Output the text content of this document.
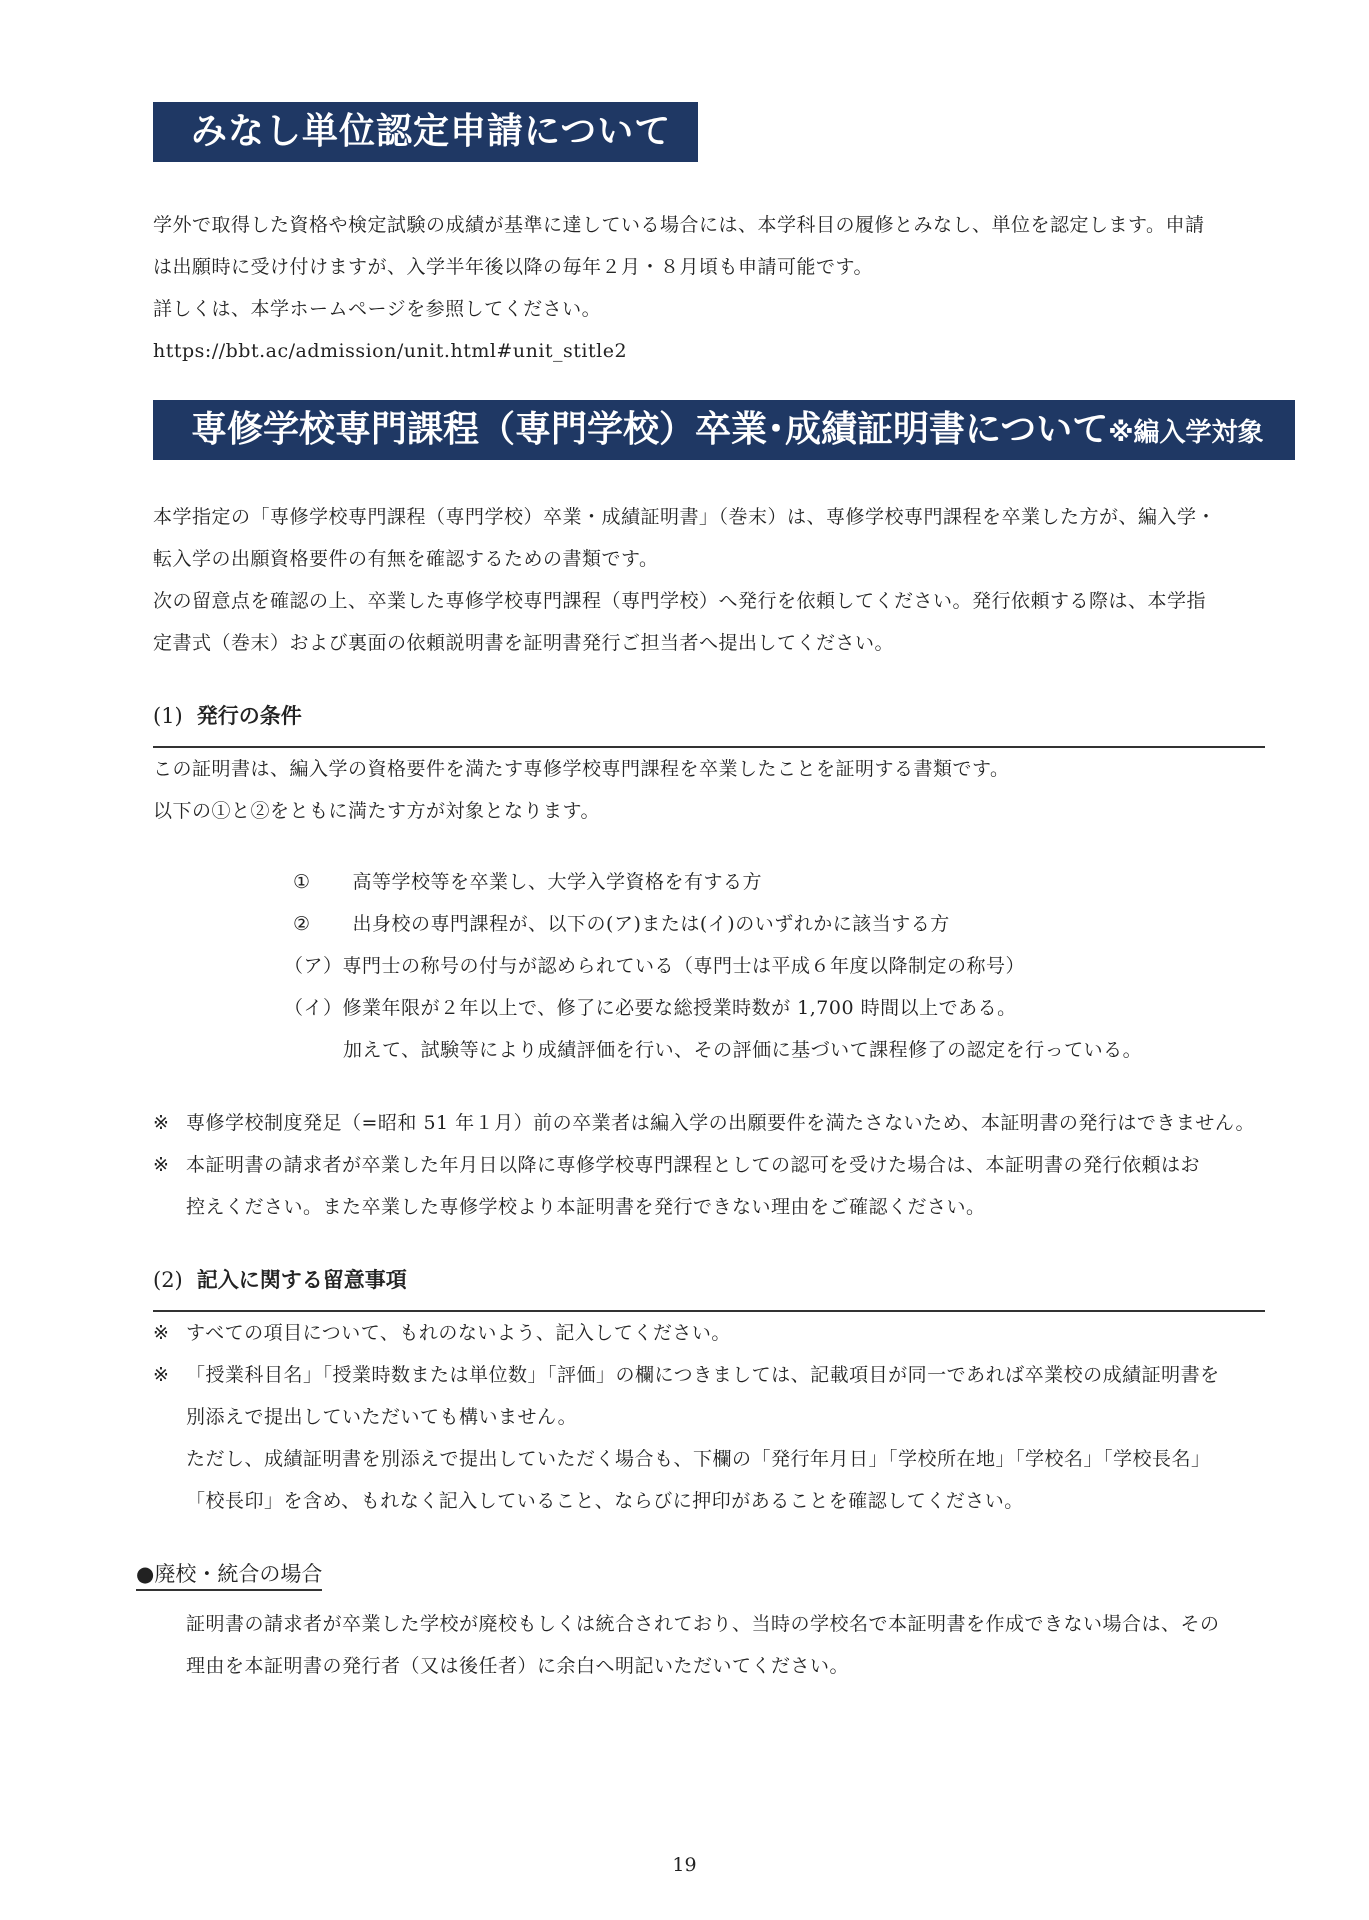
みなし単位認定申請について
学外で取得した資格や検定試験の成績が基準に達している場合には、本学科目の履修とみなし、単位を認定します。申請
は出願時に受け付けますが、入学半年後以降の毎年２月・８月頃も申請可能です。
詳しくは、本学ホームページを参照してください。
https://bbt.ac/admission/unit.html#unit_stitle2
専修学校専門課程（専門学校）卒業･成績証明書について※編入学対象
本学指定の「専修学校専門課程（専門学校）卒業・成績証明書」（巻末）は、専修学校専門課程を卒業した方が、編入学・
転入学の出願資格要件の有無を確認するための書類です。
次の留意点を確認の上、卒業した専修学校専門課程（専門学校）へ発行を依頼してください。発行依頼する際は、本学指
定書式（巻末）および裏面の依頼説明書を証明書発行ご担当者へ提出してください。
(1) 発行の条件
この証明書は、編入学の資格要件を満たす専修学校専門課程を卒業したことを証明する書類です。
以下の①と②をともに満たす方が対象となります。
① 高等学校等を卒業し、大学入学資格を有する方
② 出身校の専門課程が、以下の(ア)または(イ)のいずれかに該当する方
（ア）専門士の称号の付与が認められている（専門士は平成６年度以降制定の称号）
（イ）修業年限が２年以上で、修了に必要な総授業時数が 1,700 時間以上である。
加えて、試験等により成績評価を行い、その評価に基づいて課程修了の認定を行っている。
※ 専修学校制度発足（=昭和 51 年１月）前の卒業者は編入学の出願要件を満たさないため、本証明書の発行はできません。
※ 本証明書の請求者が卒業した年月日以降に専修学校専門課程としての認可を受けた場合は、本証明書の発行依頼はお
控えください。また卒業した専修学校より本証明書を発行できない理由をご確認ください。
(2) 記入に関する留意事項
※ すべての項目について、もれのないよう、記入してください。
※ 「授業科目名」「授業時数または単位数」「評価」の欄につきましては、記載項目が同一であれば卒業校の成績証明書を
別添えで提出していただいても構いません。
ただし、成績証明書を別添えで提出していただく場合も、下欄の「発行年月日」「学校所在地」「学校名」「学校長名」
「校長印」を含め、もれなく記入していること、ならびに押印があることを確認してください。
●廃校・統合の場合
証明書の請求者が卒業した学校が廃校もしくは統合されており、当時の学校名で本証明書を作成できない場合は、その
理由を本証明書の発行者（又は後任者）に余白へ明記いただいてください。
19
